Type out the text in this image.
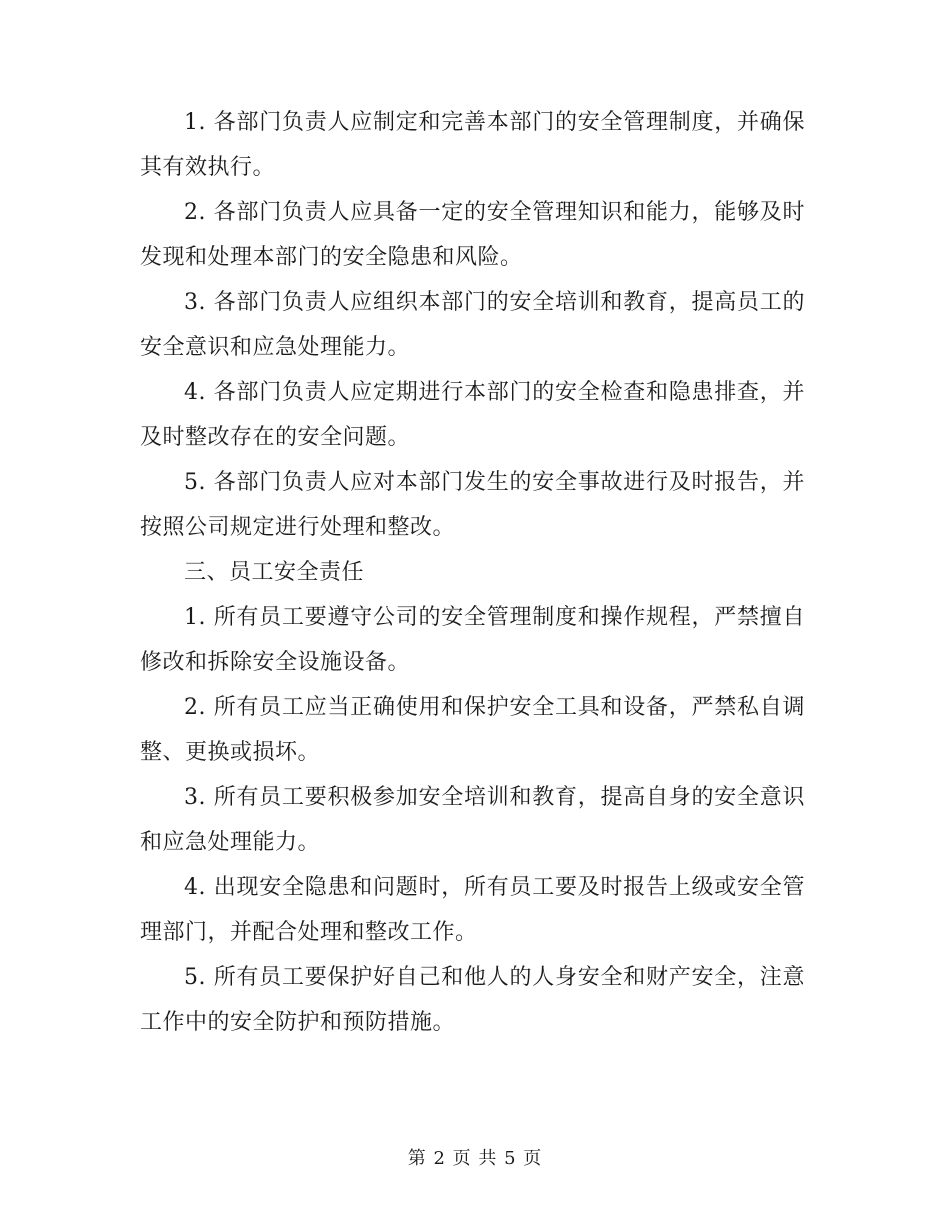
1. 各部门负责人应制定和完善本部门的安全管理制度，并确保其有效执行。

2. 各部门负责人应具备一定的安全管理知识和能力，能够及时发现和处理本部门的安全隐患和风险。

3. 各部门负责人应组织本部门的安全培训和教育，提高员工的安全意识和应急处理能力。

4. 各部门负责人应定期进行本部门的安全检查和隐患排查，并及时整改存在的安全问题。

5. 各部门负责人应对本部门发生的安全事故进行及时报告，并按照公司规定进行处理和整改。

三、员工安全责任

1. 所有员工要遵守公司的安全管理制度和操作规程，严禁擅自修改和拆除安全设施设备。

2. 所有员工应当正确使用和保护安全工具和设备，严禁私自调整、更换或损坏。

3. 所有员工要积极参加安全培训和教育，提高自身的安全意识和应急处理能力。

4. 出现安全隐患和问题时，所有员工要及时报告上级或安全管理部门，并配合处理和整改工作。

5. 所有员工要保护好自己和他人的人身安全和财产安全，注意工作中的安全防护和预防措施。

第 2 页 共 5 页
